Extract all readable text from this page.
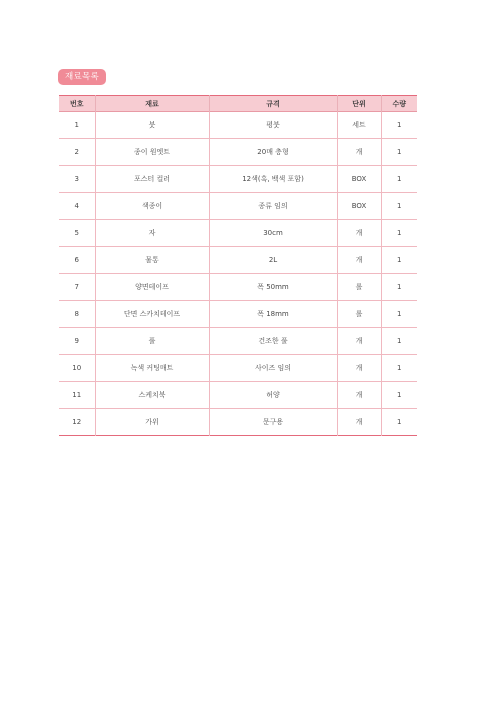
재료목록
번호	재료	규격	단위	수량
1	붓	평붓	세트	1
2	종이 원엣트	20매 층형	개	1
3	포스터 컬러	12색(흑, 백색 포함)	BOX	1
4	색종이	종류 임의	BOX	1
5	자	30cm	개	1
6	물통	2L	개	1
7	양면테이프	폭 50mm	롤	1
8	단면 스카치테이프	폭 18mm	롤	1
9	풀	건조한 풀	개	1
10	녹색 커팅매트	사이즈 임의	개	1
11	스케치북	허양	개	1
12	가위	문구용	개	1
